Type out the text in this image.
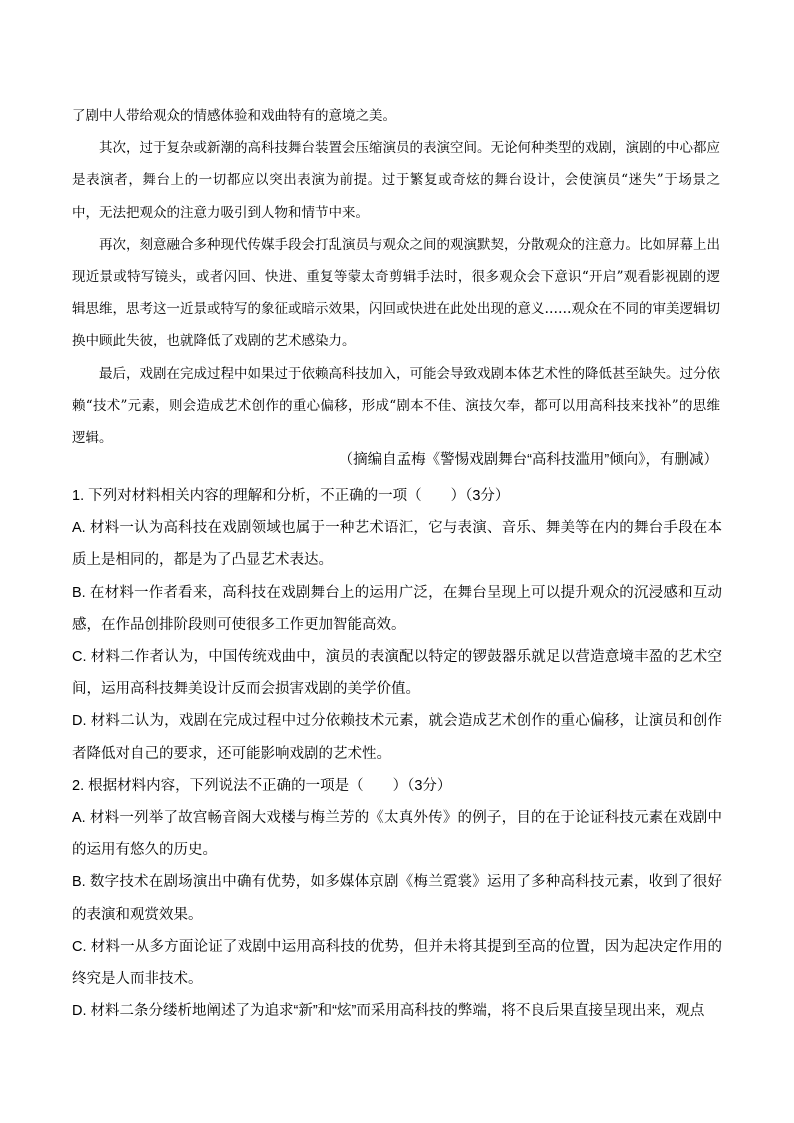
了剧中人带给观众的情感体验和戏曲特有的意境之美。

其次，过于复杂或新潮的高科技舞台装置会压缩演员的表演空间。无论何种类型的戏剧，演剧的中心都应是表演者，舞台上的一切都应以突出表演为前提。过于繁复或奇炫的舞台设计，会使演员“迷失”于场景之中，无法把观众的注意力吸引到人物和情节中来。

再次，刻意融合多种现代传媒手段会打乱演员与观众之间的观演默契，分散观众的注意力。比如屏幕上出现近景或特写镜头，或者闪回、快进、重复等蒙太奇剪辑手法时，很多观众会下意识“开启”观看影视剧的逻辑思维，思考这一近景或特写的象征或暗示效果，闪回或快进在此处出现的意义……观众在不同的审美逻辑切换中顾此失彼，也就降低了戏剧的艺术感染力。

最后，戏剧在完成过程中如果过于依赖高科技加入，可能会导致戏剧本体艺术性的降低甚至缺失。过分依赖“技术”元素，则会造成艺术创作的重心偏移，形成“剧本不佳、演技欠奉，都可以用高科技来找补”的思维逻辑。

（摘编自孟梅《警惕戏剧舞台“高科技滥用”倾向》，有删减）

1. 下列对材料相关内容的理解和分析，不正确的一项（　　）（3分）

A. 材料一认为高科技在戏剧领域也属于一种艺术语汇，它与表演、音乐、舞美等在内的舞台手段在本质上是相同的，都是为了凸显艺术表达。

B. 在材料一作者看来，高科技在戏剧舞台上的运用广泛，在舞台呈现上可以提升观众的沉浸感和互动感，在作品创排阶段则可使很多工作更加智能高效。

C. 材料二作者认为，中国传统戏曲中，演员的表演配以特定的锣鼓器乐就足以营造意境丰盈的艺术空间，运用高科技舞美设计反而会损害戏剧的美学价值。

D. 材料二认为，戏剧在完成过程中过分依赖技术元素，就会造成艺术创作的重心偏移，让演员和创作者降低对自己的要求，还可能影响戏剧的艺术性。

2. 根据材料内容，下列说法不正确的一项是（　　）（3分）

A. 材料一列举了故宫畅音阁大戏楼与梅兰芳的《太真外传》的例子，目的在于论证科技元素在戏剧中的运用有悠久的历史。

B. 数字技术在剧场演出中确有优势，如多媒体京剧《梅兰霓裳》运用了多种高科技元素，收到了很好的表演和观赏效果。

C. 材料一从多方面论证了戏剧中运用高科技的优势，但并未将其提到至高的位置，因为起决定作用的终究是人而非技术。

D. 材料二条分缕析地阐述了为追求“新”和“炫”而采用高科技的弊端，将不良后果直接呈现出来，观点
